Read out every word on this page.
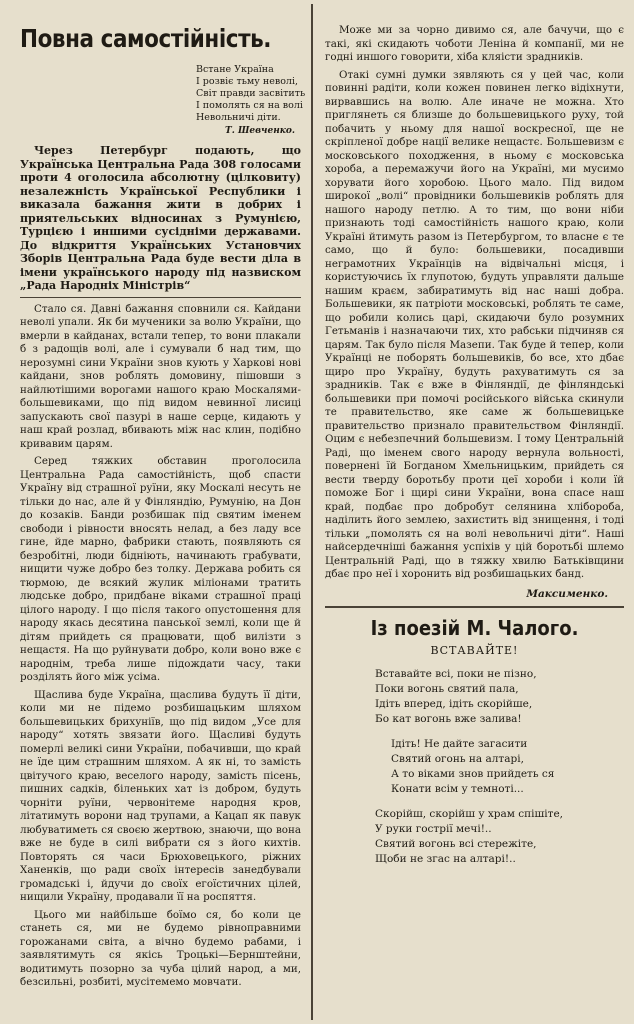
Повна самостійність.
Встане Україна
І розвіє тьму неволі,
Світ правди засвітить
І помолять ся на волі
Невольничі діти.
Т. Шевченко.

Через Петербург подають, що Українська Центральна Рада 308 голосами проти 4 оголосила абсолютну (цілковиту) незалежність Української Республики і виказала бажання жити в добрих і приятельських відносинах з Румунією, Турцією і иншими сусідніми державами. До відкриття Українських Установчих Зборів Центральна Рада буде вести діла в імени українського народу під назвиском „Рада Народніх Міністрів“

Стало ся. Давні бажання сповнили ся. Кайдани неволі упали. Як би мученики за волю України, що вмерли в кайданах, встали тепер, то вони плакали б з радощів волі, але і сумували б над тим, що нерозумні сини України знов кують у Харкові нові кайдани, знов роблять домовину, пішовши з найлютішими ворогами нашого краю Москалями-большевиками, що під видом невинної лисиці запускають свої пазурі в наше серце, кидають у наш край розлад, вбивають між нас клин, подібно кривавим царям.

Серед тяжких обставин проголосила Центральна Рада самостійність, щоб спасти Україну від страшної руїни, яку Москалі несуть не тільки до нас, але й у Фінляндію, Румунію, на Дон до козаків. Банди розбишак під святим іменем свободи і рівности вносять нелад, а без ладу все гине, йде марно, фабрики стають, появляють ся безробітні, люди бідніють, начинають грабувати, нищити чуже добро без толку. Держава робить ся тюрмою, де всякий жулик міліонами тратить людське добро, придбане віками страшної праці цілого народу. І що після такого опустошення для народу якась десятина панської землі, коли ще й дітям прийдеть ся працювати, щоб вилізти з нещастя. На що руйнувати добро, коли воно вже є народнім, треба лише підождати часу, таки розділять його між усіма.

Щаслива буде Україна, щаслива будуть її діти, коли ми не підемо розбишацьким шляхом большевицьких брихуніїв, що під видом „Усе для народу“ хотять звязати його. Щасливі будуть померлі великі сини України, побачивши, що край не їде цим страшним шляхом. А як ні, то замість цвітучого краю, веселого народу, замість пісень, пишних садків, біленьких хат із добром, будуть чорніти руїни, червонітеме народня кров, літатимуть ворони над трупами, а Кацап як павук любуватиметь ся своєю жертвою, знаючи, що вона вже не буде в силі вибрати ся з його кихтів. Повторять ся часи Брюховецького, ріжних Ханенків, що ради своїх інтересів занедбували громадські і, йдучи до своїх егоїстичних цілей, нищили Україну, продавали її на роспяття.

Цього ми найбільше боїмо ся, бо коли це станеть ся, ми не будемо рівноправними горожанами світа, а вічно будемо рабами, і заявлятимуть ся якісь Троцькі—Бернштейни, водитимуть позорно за чуба цілий народ, а ми, безсильні, розбиті, мусітемемо мовчати.

Може ми за чорно дивимо ся, але бачучи, що є такі, які скидають чоботи Леніна й компанії, ми не годні иншого говорити, хіба кляісти зрадників.

Отакі сумні думки зявляють ся у цей час, коли повинні радіти, коли кожен повинен легко відіхнути, вирвавшись на волю. Але иначе не можна. Хто приглянеть ся близше до большевицького руху, той побачить у ньому для нашої воскресної, ще не скріпленої добре нації велике нещастє. Большевизм є московського походження, в ньому є московська хороба, а перемажучи його на Україні, ми мусимо хорувати його хоробою. Цього мало. Під видом широкої „волі“ провідники большевиків роблять для нашого народу петлю. А то тим, що вони ніби признають тоді самостійність нашого краю, коли Україні йтимуть разом із Петербургом, то власне є те само, що й було: большевики, посадивши неграмотних Українців на відвічальні місця, і користуючись їх глупотою, будуть управляти дальше нашим краєм, забиратимуть від нас наші добра. Большевики, як патріоти московські, роблять те саме, що робили колись царі, скидаючи було розумних Гетьманів і назначаючи тих, хто рабськи підчиняв ся царям. Так було після Мазепи. Так буде й тепер, коли Українці не поборять большевиків, бо все, хто дбає щиро про Україну, будуть рахуватимуть ся за зрадників. Так є вже в Фінляндії, де фінляндські большевики при помочі російського війська скинули те правительство, яке саме ж большевицьке правительство признало правительством Фінляндії. Оцим є небезпечний большевизм. І тому Центральній Раді, що іменем свого народу вернула вольності, повернені їй Богданом Хмельницьким, прийдеть ся вести тверду боротьбу проти цеї хороби і коли їй поможе Бог і щирі сини України, вона спасе наш край, подбає про добробут селянина хлібороба, наділить його землею, захистить від знищення, і тоді тільки „помолять ся на волі невольничі діти“. Наші найсердечніші бажання успіхів у цій боротьбі шлемо Центральній Раді, що в тяжку хвилю Батьківщини дбає про неї і хоронить від розбишацьких банд.

Максименко.
Із поезій М. Чалого.
ВСТАВАЙТЕ!
Вставайте всі, поки не пізно,
Поки вогонь святий пала,
Ідіть вперед, ідіть скорійше,
Бо кат вогонь вже залива!
Ідіть! Не дайте загасити
Святий огонь на алтарі,
А то віками знов прийдеть ся
Конати всім у темноті...
Скорійш, скорійш у храм спішіте,
У руки гострії мечі!..
Святий вогонь всі стережіте,
Щоби не згас на алтарі!..
